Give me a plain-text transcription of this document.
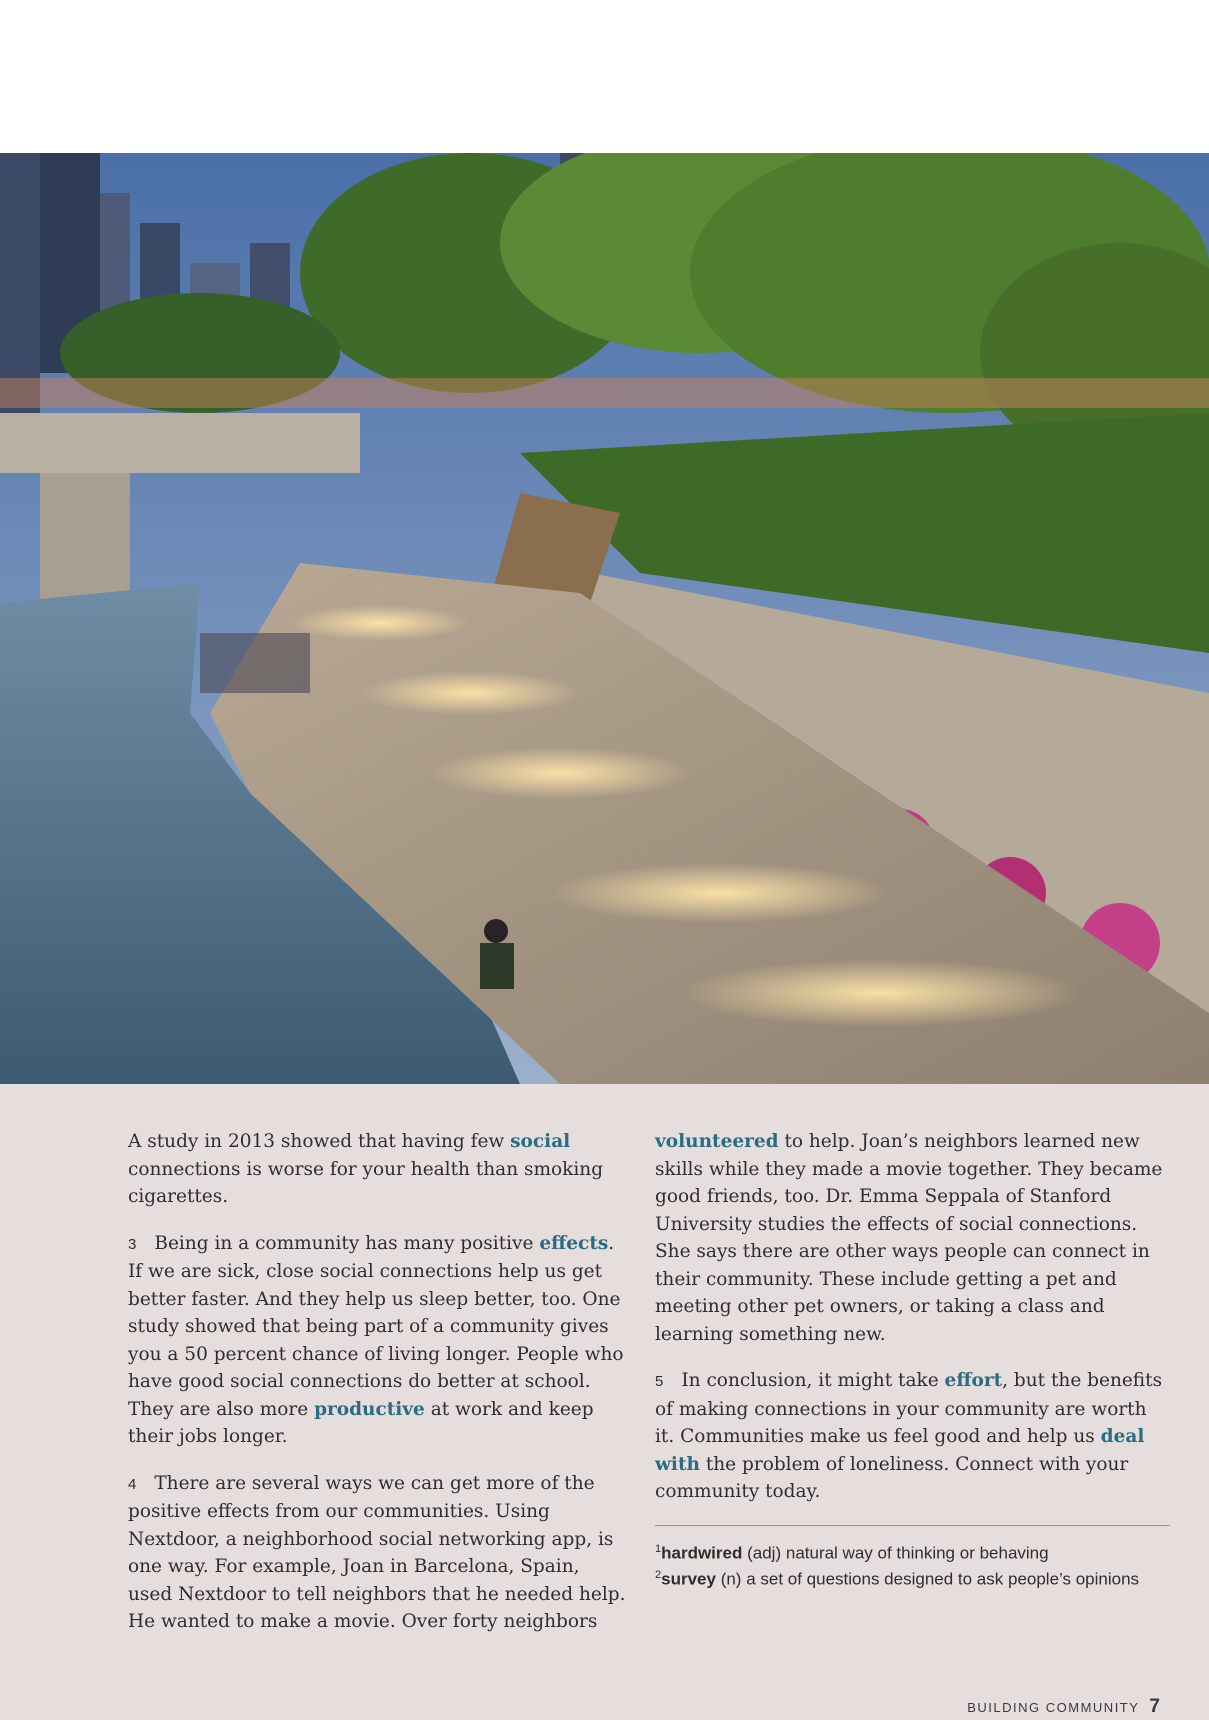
A study in 2013 showed that having few social connections is worse for your health than smoking cigarettes.

3 Being in a community has many positive effects. If we are sick, close social connections help us get better faster. And they help us sleep better, too. One study showed that being part of a community gives you a 50 percent chance of living longer. People who have good social connections do better at school. They are also more productive at work and keep their jobs longer.

4 There are several ways we can get more of the positive effects from our communities. Using Nextdoor, a neighborhood social networking app, is one way. For example, Joan in Barcelona, Spain, used Nextdoor to tell neighbors that he needed help. He wanted to make a movie. Over forty neighbors

volunteered to help. Joan’s neighbors learned new skills while they made a movie together. They became good friends, too. Dr. Emma Seppala of Stanford University studies the effects of social connections. She says there are other ways people can connect in their community. These include getting a pet and meeting other pet owners, or taking a class and learning something new.

5 In conclusion, it might take effort, but the benefits of making connections in your community are worth it. Communities make us feel good and help us deal with the problem of loneliness. Connect with your community today.

$^1$hardwired (adj) natural way of thinking or behaving
$^2$survey (n) a set of questions designed to ask people’s opinions
BUILDING COMMUNITY 7
